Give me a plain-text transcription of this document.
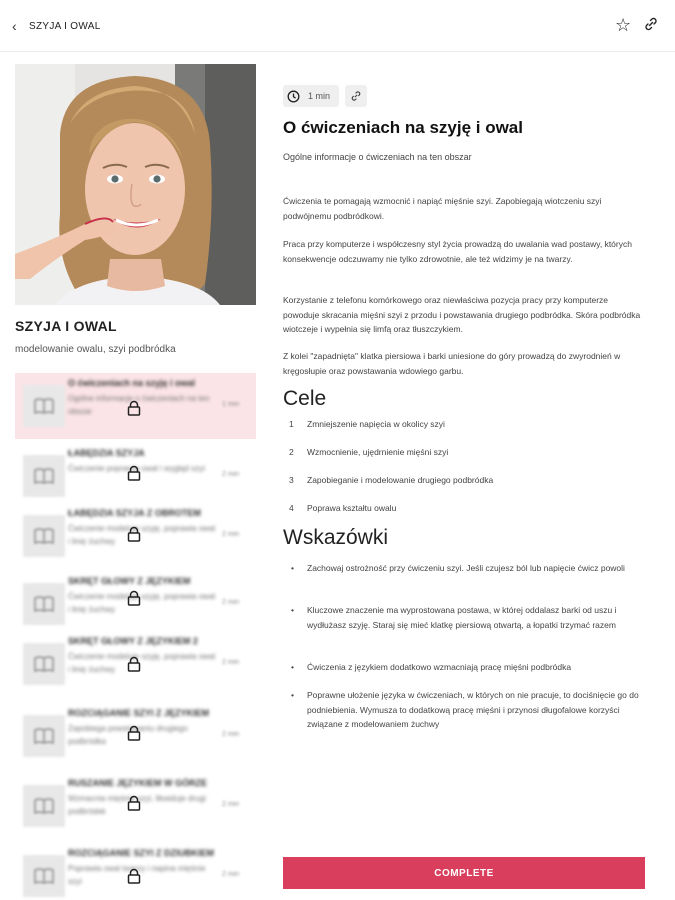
‹ SZYJA I OWAL	☆
SZYJA I OWAL
modelowanie owalu, szyi podbródka
O ćwiczeniach na szyję i owal
Ogólne informacje o ćwiczeniach na ten obszar
1 min
ŁABĘDZIA SZYJA
Ćwiczenie poprawia owal i wygląd szyi
2 min
ŁABĘDZIA SZYJA Z OBROTEM
Ćwiczenie modeluje szyję, poprawia owal i linię żuchwy
2 min
SKRĘT GŁOWY Z JĘZYKIEM
Ćwiczenie modeluje szyję, poprawia owal i linię żuchwy
2 min
SKRĘT GŁOWY Z JĘZYKIEM 2
Ćwiczenie modeluje szyję, poprawia owal i linię żuchwy
2 min
ROZCIĄGANIE SZYI Z JĘZYKIEM
Zapobiega powstawaniu drugiego podbródka
2 min
RUSZANIE JĘZYKIEM W GÓRZE
Wzmacnia mięśnie szyi, likwiduje drugi podbródek
2 min
ROZCIĄGANIE SZYI Z DZIUBKIEM
Poprawia owal twarzy i napina mięśnie szyi
2 min
1 min
O ćwiczeniach na szyję i owal
Ogólne informacje o ćwiczeniach na ten obszar
Ćwiczenia te pomagają wzmocnić i napiąć mięśnie szyi. Zapobiegają wiotczeniu szyi podwójnemu podbródkowi.
Praca przy komputerze i współczesny styl życia prowadzą do uwalania wad postawy, których konsekwencje odczuwamy nie tylko zdrowotnie, ale też widzimy je na twarzy.
Korzystanie z telefonu komórkowego oraz niewłaściwa pozycja pracy przy komputerze powoduje skracania mięśni szyi z przodu i powstawania drugiego podbródka. Skóra podbródka wiotczeje i wypełnia się limfą oraz tłuszczykiem.
Z kolei "zapadnięta" klatka piersiowa i barki uniesione do góry prowadzą do zwyrodnień w kręgosłupie oraz powstawania wdowiego garbu.
Cele
1 Zmniejszenie napięcia w okolicy szyi
2 Wzmocnienie, ujędrnienie mięśni szyi
3 Zapobieganie i modelowanie drugiego podbródka
4 Poprawa kształtu owalu
Wskazówki
• Zachowaj ostrożność przy ćwiczeniu szyi. Jeśli czujesz ból lub napięcie ćwicz powoli
• Kluczowe znaczenie ma wyprostowana postawa, w której oddalasz barki od uszu i wydłużasz szyję. Staraj się mieć klatkę piersiową otwartą, a łopatki trzymać razem
• Ćwiczenia z językiem dodatkowo wzmacniają pracę mięśni podbródka
• Poprawne ułożenie języka w ćwiczeniach, w których on nie pracuje, to dociśnięcie go do podniebienia. Wymusza to dodatkową pracę mięśni i przynosi długofalowe korzyści związane z modelowaniem żuchwy
COMPLETE
